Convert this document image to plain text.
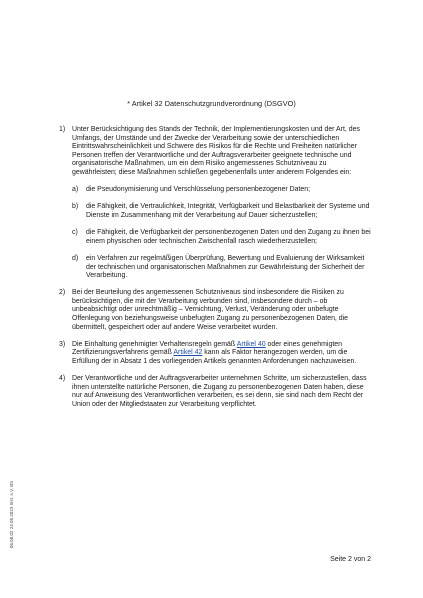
* Artikel 32 Datenschutzgrundverordnung (DSGVO)
1) Unter Berücksichtigung des Stands der Technik, der Implementierungskosten und der Art, des Umfangs, der Umstände und der Zwecke der Verarbeitung sowie der unterschiedlichen Eintrittswahrscheinlichkeit und Schwere des Risikos für die Rechte und Freiheiten natürlicher Personen treffen der Verantwortliche und der Auftragsverarbeiter geeignete technische und organisatorische Maßnahmen, um ein dem Risiko angemessenes Schutzniveau zu gewährleisten; diese Maßnahmen schließen gegebenenfalls unter anderem Folgendes ein:
a) die Pseudonymisierung und Verschlüsselung personenbezogener Daten;
b) die Fähigkeit, die Vertraulichkeit, Integrität, Verfügbarkeit und Belastbarkeit der Systeme und Dienste im Zusammenhang mit der Verarbeitung auf Dauer sicherzustellen;
c) die Fähigkeit, die Verfügbarkeit der personenbezogenen Daten und den Zugang zu ihnen bei einem physischen oder technischen Zwischenfall rasch wiederherzustellen;
d) ein Verfahren zur regelmäßigen Überprüfung, Bewertung und Evaluierung der Wirksamkeit der technischen und organisatorischen Maßnahmen zur Gewährleistung der Sicherheit der Verarbeitung.
2) Bei der Beurteilung des angemessenen Schutzniveaus sind insbesondere die Risiken zu berücksichtigen, die mit der Verarbeitung verbunden sind, insbesondere durch – ob unbeabsichtigt oder unrechtmäßig – Vernichtung, Verlust, Veränderung oder unbefugte Offenlegung von beziehungsweise unbefugten Zugang zu personenbezogenen Daten, die übermittelt, gespeichert oder auf andere Weise verarbeitet wurden.
3) Die Einhaltung genehmigter Verhaltensregeln gemäß Artikel 40 oder eines genehmigten Zertifizierungsverfahrens gemäß Artikel 42 kann als Faktor herangezogen werden, um die Erfüllung der in Absatz 1 des vorliegenden Artikels genannten Anforderungen nachzuweisen.
4) Der Verantwortliche und der Auftragsverarbeiter unternehmen Schritte, um sicherzustellen, dass ihnen unterstellte natürliche Personen, die Zugang zu personenbezogenen Daten haben, diese nur auf Anweisung des Verantwortlichen verarbeiten, es sei denn, sie sind nach dem Recht der Union oder der Mitgliedstaaten zur Verarbeitung verpflichtet.
06.08.02 23.05.2023 Inst. s.V. BS
Seite 2 von 2
